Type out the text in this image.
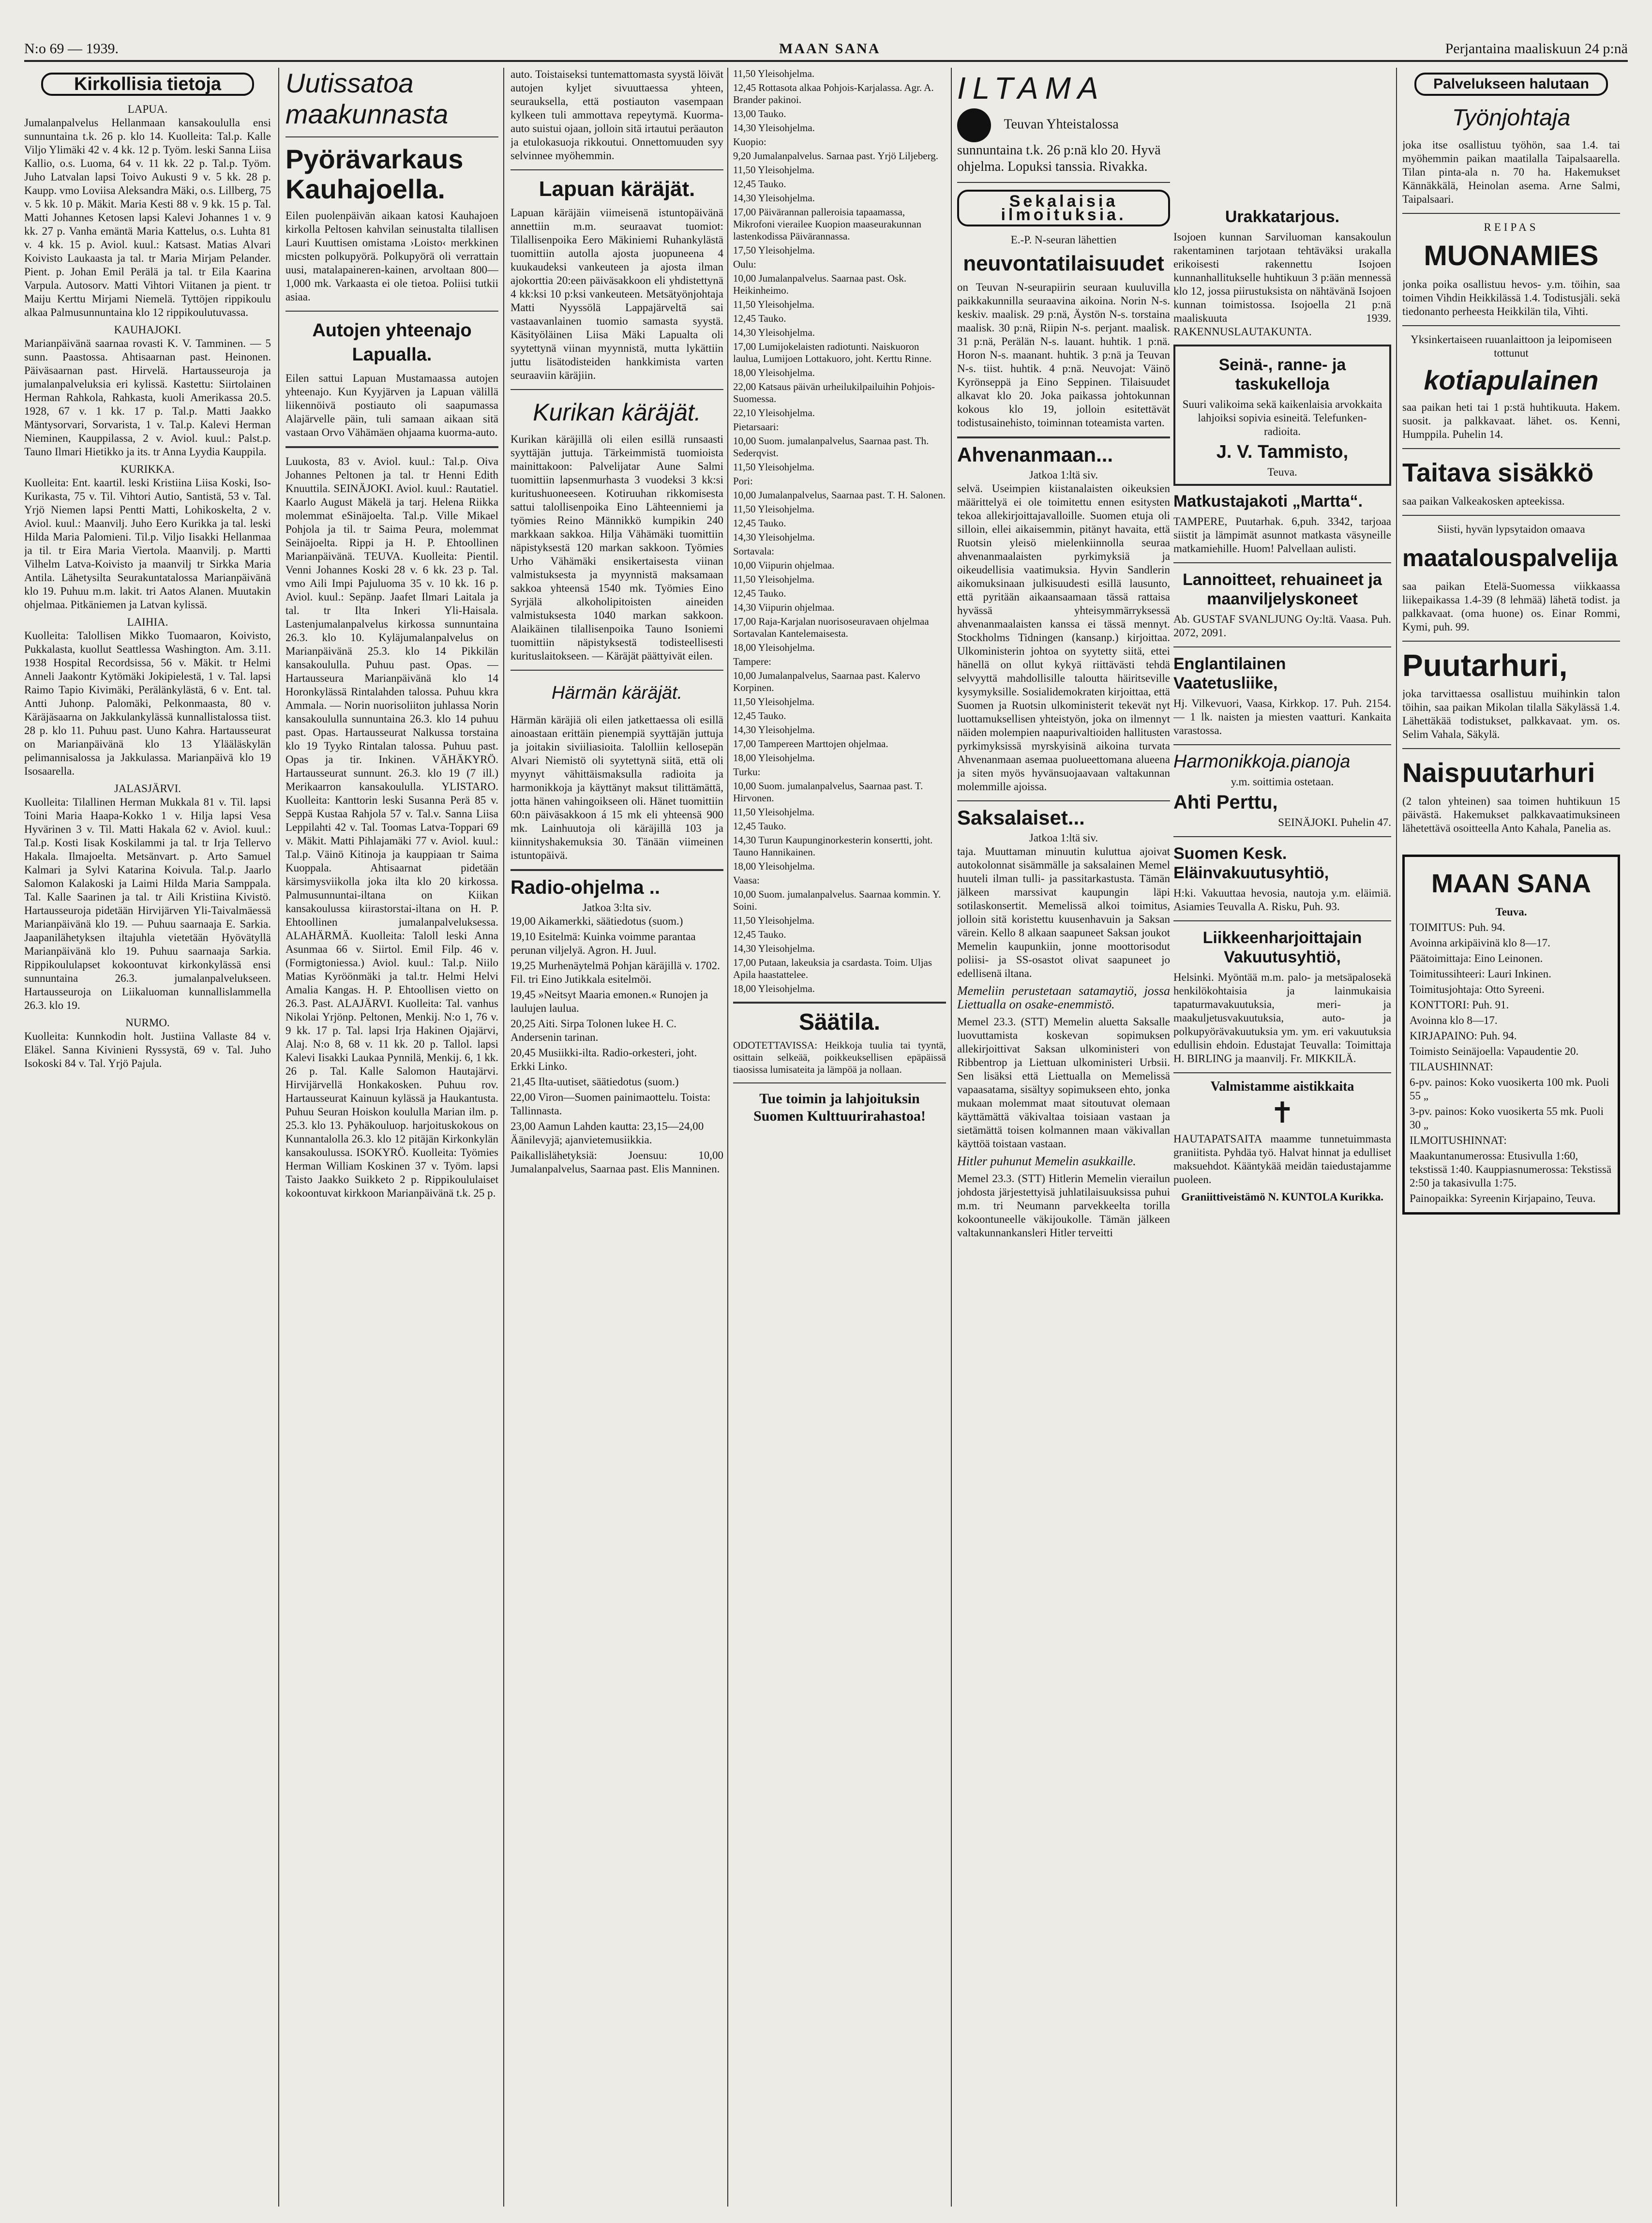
N:o 69 — 1939.	MAAN SANA	Perjantaina maaliskuun 24 p:nä
Kirkollisia tietoja
LAPUA.

Jumalanpalvelus Hellanmaan kansakoululla ensi sunnuntaina t.k. 26 p. klo 14. Kuolleita: Tal.p. Kalle Viljo Ylimäki 42 v. 4 kk. 12 p. Työm. leski Sanna Liisa Kallio, o.s. Luoma, 64 v. 11 kk. 22 p. Tal.p. Työm. Juho Latvalan lapsi Toivo Aukusti 9 v. 5 kk. 28 p. Kaupp. vmo Loviisa Aleksandra Mäki, o.s. Lillberg, 75 v. 5 kk. 10 p. Mäkit. Maria Kesti 88 v. 9 kk. 15 p. Tal. Matti Johannes Ketosen lapsi Kalevi Johannes 1 v. 9 kk. 27 p. Vanha emäntä Maria Kattelus, o.s. Luhta 81 v. 4 kk. 15 p. Aviol. kuul.: Katsast. Matias Alvari Koivisto Laukaasta ja tal. tr Maria Mirjam Pelander. Pient. p. Johan Emil Perälä ja tal. tr Eila Kaarina Varpula. Autosorv. Matti Vihtori Viitanen ja pient. tr Maiju Kerttu Mirjami Niemelä. Tyttöjen rippikoulu alkaa Palmusunnuntaina klo 12 rippikoulutuvassa.

KAUHAJOKI.

Marianpäivänä saarnaa rovasti K. V. Tamminen. — 5 sunn. Paastossa. Ahtisaarnan past. Heinonen. Päiväsaarnan past. Hirvelä. Hartausseuroja ja jumalanpalveluksia eri kylissä. Kastettu: Siirtolainen Herman Rahkola, Rahkasta, kuoli Amerikassa 20.5. 1928, 67 v. 1 kk. 17 p. Tal.p. Matti Jaakko Mäntysorvari, Sorvarista, 1 v. Tal.p. Kalevi Herman Nieminen, Kauppilassa, 2 v. Aviol. kuul.: Palst.p. Tauno Ilmari Hietikko ja its. tr Anna Lyydia Kauppila.

KURIKKA.

Kuolleita: Ent. kaartil. leski Kristiina Liisa Koski, Iso-Kurikasta, 75 v. Til. Vihtori Autio, Santistä, 53 v. Tal. Yrjö Niemen lapsi Pentti Matti, Lohikoskelta, 2 v. Aviol. kuul.: Maanvilj. Juho Eero Kurikka ja tal. leski Hilda Maria Palomieni. Til.p. Viljo Iisakki Hellanmaa ja til. tr Eira Maria Viertola. Maanvilj. p. Martti Vilhelm Latva-Koivisto ja maanvilj tr Sirkka Maria Antila. Lähetysilta Seurakuntatalossa Marianpäivänä klo 19. Puhuu m.m. lakit. tri Aatos Alanen. Muutakin ohjelmaa. Pitkäniemen ja Latvan kylissä.

LAIHIA.

Kuolleita: Talollisen Mikko Tuomaaron, Koivisto, Pukkalasta, kuollut Seattlessa Washington. Am. 3.11. 1938 Hospital Recordsissa, 56 v. Mäkit. tr Helmi Anneli Jaakontr Kytömäki Jokipielestä, 1 v. Tal. lapsi Raimo Tapio Kivimäki, Perälänkylästä, 6 v. Ent. tal. Antti Juhonp. Palomäki, Pelkonmaasta, 80 v. Käräjäsaarna on Jakkulankylässä kunnallistalossa tiist. 28 p. klo 11. Puhuu past. Uuno Kahra. Hartausseurat on Marianpäivänä klo 13 Ylääläskylän pelimannisalossa ja Jakkulassa. Marianpäivä klo 19 Isosaarella.

JALASJÄRVI.

Kuolleita: Tilallinen Herman Mukkala 81 v. Til. lapsi Toini Maria Haapa-Kokko 1 v. Hilja lapsi Vesa Hyvärinen 3 v. Til. Matti Hakala 62 v. Aviol. kuul.: Tal.p. Kosti Iisak Koskilammi ja tal. tr Irja Tellervo Hakala. Ilmajoelta. Metsänvart. p. Arto Samuel Kalmari ja Sylvi Katarina Koivula. Tal.p. Jaarlo Salomon Kalakoski ja Laimi Hilda Maria Samppala. Tal. Kalle Saarinen ja tal. tr Aili Kristiina Kivistö. Hartausseuroja pidetään Hirvijärven Yli-Taivalmäessä Marianpäivänä klo 19. — Puhuu saarnaaja E. Sarkia. Jaapanilähetyksen iltajuhla vietetään Hyövätyllä Marianpäivänä klo 19. Puhuu saarnaaja Sarkia. Rippikoululapset kokoontuvat kirkonkylässä ensi sunnuntaina 26.3. jumalanpalvelukseen. Hartausseuroja on Liikaluoman kunnallislammella 26.3. klo 19.

NURMO.

Kuolleita: Kunnkodin holt. Justiina Vallaste 84 v. Eläkel. Sanna Kivinieni Ryssystä, 69 v. Tal. Juho Isokoski 84 v. Tal. Yrjö Pajula.

Uutissatoa
maakunnasta
Pyörävarkaus Kauhajoella.

Eilen puolenpäivän aikaan katosi Kauhajoen kirkolla Peltosen kahvilan seinustalta tilallisen Lauri Kuuttisen omistama ›Loisto‹ merkkinen micsten polkupyörä. Polkupyörä oli verrattain uusi, matalapaineren-kainen, arvoltaan 800—1,000 mk. Varkaasta ei ole tietoa. Poliisi tutkii asiaa.

Autojen yhteenajo Lapualla.

Eilen sattui Lapuan Mustamaassa autojen yhteenajo. Kun Kyyjärven ja Lapuan välillä liikennöivä postiauto oli saapumassa Alajärvelle päin, tuli samaan aikaan sitä vastaan Orvo Vähämäen ohjaama kuorma-auto.

Luukosta, 83 v. Aviol. kuul.: Tal.p. Oiva Johannes Peltonen ja tal. tr Henni Edith Knuuttila. SEINÄJOKI. Aviol. kuul.: Rautatiel. Kaarlo August Mäkelä ja tarj. Helena Riikka molemmat eSinäjoelta. Tal.p. Ville Mikael Pohjola ja til. tr Saima Peura, molemmat Seinäjoelta. Rippi ja H. P. Ehtoollinen Marianpäivänä. TEUVA. Kuolleita: Pientil. Venni Johannes Koski 28 v. 6 kk. 23 p. Tal. vmo Aili Impi Pajuluoma 35 v. 10 kk. 16 p. Aviol. kuul.: Sepänp. Jaafet Ilmari Laitala ja tal. tr Ilta Inkeri Yli-Haisala. Lastenjumalanpalvelus kirkossa sunnuntaina 26.3. klo 10. Kyläjumalanpalvelus on Marianpäivänä 25.3. klo 14 Pikkilän kansakoululla. Puhuu past. Opas. — Hartausseura Marianpäivänä klo 14 Horonkylässä Rintalahden talossa. Puhuu kkra Ammala. — Norin nuorisoliiton juhlassa Norin kansakoululla sunnuntaina 26.3. klo 14 puhuu past. Opas. Hartausseurat Nalkussa torstaina klo 19 Tyyko Rintalan talossa. Puhuu past. Opas ja tir. Inkinen. VÄHÄKYRÖ. Hartausseurat sunnunt. 26.3. klo 19 (7 ill.) Merikaarron kansakoululla. YLISTARO. Kuolleita: Kanttorin leski Susanna Perä 85 v. Seppä Kustaa Rahjola 57 v. Tal.v. Sanna Liisa Leppilahti 42 v. Tal. Toomas Latva-Toppari 69 v. Mäkit. Matti Pihlajamäki 77 v. Aviol. kuul.: Tal.p. Väinö Kitinoja ja kauppiaan tr Saima Kuoppala. Ahtisaarnat pidetään kärsimysviikolla joka ilta klo 20 kirkossa. Palmusunnuntai-iltana on Kiikan kansakoulussa kiirastorstai-iltana on H. P. Ehtoollinen jumalanpalveluksessa. ALAHÄRMÄ. Kuolleita: Taloll leski Anna Asunmaa 66 v. Siirtol. Emil Filp. 46 v. (Formigtoniessa.) Aviol. kuul.: Tal.p. Niilo Matias Kyröönmäki ja tal.tr. Helmi Helvi Amalia Kangas. H. P. Ehtoollisen vietto on 26.3. Past. ALAJÄRVI. Kuolleita: Tal. vanhus Nikolai Yrjönp. Peltonen, Menkij. N:o 1, 76 v. 9 kk. 17 p. Tal. lapsi Irja Hakinen Ojajärvi, Alaj. N:o 8, 68 v. 11 kk. 20 p. Tallol. lapsi Kalevi Iisakki Laukaa Pynnilä, Menkij. 6, 1 kk. 26 p. Tal. Kalle Salomon Hautajärvi. Hirvijärvellä Honkakosken. Puhuu rov. Hartausseurat Kainuun kylässä ja Haukantusta. Puhuu Seuran Hoiskon koululla Marian ilm. p. 25.3. klo 13. Pyhäkouluop. harjoituskokous on Kunnantalolla 26.3. klo 12 pitäjän Kirkonkylän kansakoulussa. ISOKYRÖ. Kuolleita: Työmies Herman William Koskinen 37 v. Työm. lapsi Taisto Jaakko Suikketo 2 p. Rippikoululaiset kokoontuvat kirkkoon Marianpäivänä t.k. 25 p.

auto. Toistaiseksi tuntemattomasta syystä löivät autojen kyljet sivuuttaessa yhteen, seurauksella, että postiauton vasempaan kylkeen tuli ammottava repeytymä. Kuorma-auto suistui ojaan, jolloin sitä irtautui peräauton ja etulokasuoja rikkoutui. Onnettomuuden syy selvinnee myöhemmin.

Lapuan käräjät.

Lapuan käräjäin viimeisenä istuntopäivänä annettiin m.m. seuraavat tuomiot: Tilallisenpoika Eero Mäkiniemi Ruhankylästä tuomittiin autolla ajosta juopuneena 4 kuukaudeksi vankeuteen ja ajosta ilman ajokorttia 20:een päiväsakkoon eli yhdistettynä 4 kk:ksi 10 p:ksi vankeuteen. Metsätyönjohtaja Matti Nyyssölä Lappajärveltä sai vastaavanlainen tuomio samasta syystä. Käsityöläinen Liisa Mäki Lapualta oli syytettynä viinan myynnistä, mutta lykättiin juttu lisätodisteiden hankkimista varten seuraaviin käräjiin.

Kurikan käräjät.

Kurikan käräjillä oli eilen esillä runsaasti syyttäjän juttuja. Tärkeimmistä tuomioista mainittakoon: Palvelijatar Aune Salmi tuomittiin lapsenmurhasta 3 vuodeksi 3 kk:si kuritushuoneeseen. Kotiruuhan rikkomisesta sattui talollisenpoika Eino Lähteenniemi ja työmies Reino Männikkö kumpikin 240 markkaan sakkoa. Hilja Vähämäki tuomittiin näpistyksestä 120 markan sakkoon. Työmies Urho Vähämäki ensikertaisesta viinan valmistuksesta ja myynnistä maksamaan sakkoa yhteensä 1540 mk. Työmies Eino Syrjälä alkoholipitoisten aineiden valmistuksesta 1040 markan sakkoon. Alaikäinen tilallisenpoika Tauno Isoniemi tuomittiin näpistyksestä todisteellisesti kurituslaitokseen. — Käräjät päättyivät eilen.

Härmän käräjät.

Härmän käräjiä oli eilen jatkettaessa oli esillä ainoastaan erittäin pienempiä syyttäjän juttuja ja joitakin siviiliasioita. Talolliin kellosepän Alvari Niemistö oli syytettynä siitä, että oli myynyt vähittäismaksulla radioita ja harmonikkoja ja käyttänyt maksut tilittämättä, jotta hänen vahingoikseen oli. Hänet tuomittiin 60:n päiväsakkoon á 15 mk eli yhteensä 900 mk. Lainhuutoja oli käräjillä 103 ja kiinnityshakemuksia 30. Tänään viimeinen istuntopäivä.

Radio-ohjelma ..
Jatkoa 3:lta siv.
19,00 Aikamerkki, säätiedotus (suom.)
19,10 Esitelmä: Kuinka voimme parantaa perunan viljelyä. Agron. H. Juul.
19,25 Murhenäytelmä Pohjan käräjillä v. 1702. Fil. tri Eino Jutikkala esitelmöi.
19,45 »Neitsyt Maaria emonen.« Runojen ja laulujen laulua.
20,25 Aiti. Sirpa Tolonen lukee H. C. Andersenin tarinan.
20,45 Musiikki-ilta. Radio-orkesteri, joht. Erkki Linko.
21,45 Ilta-uutiset, säätiedotus (suom.)
22,00 Viron—Suomen painimaottelu. Toista: Tallinnasta.
23,00 Aamun Lahden kautta: 23,15—24,00 Äänilevyjä; ajanvietemusiikkia.

Paikallislähetyksiä: Joensuu: 10,00 Jumalanpalvelus, Saarnaa past. Elis Manninen.

11,50 Yleisohjelma.
12,45 Rottasota alkaa Pohjois-Karjalassa. Agr. A. Brander pakinoi.
13,00 Tauko.
14,30 Yleisohjelma.
Kuopio:
9,20 Jumalanpalvelus. Sarnaa past. Yrjö Liljeberg.
11,50 Yleisohjelma.
12,45 Tauko.
14,30 Yleisohjelma.
17,00 Päivärannan palleroisia tapaamassa, Mikrofoni vierailee Kuopion maaseurakunnan lastenkodissa Päivärannassa.
17,50 Yleisohjelma.
Oulu:
10,00 Jumalanpalvelus. Saarnaa past. Osk. Heikinheimo.
11,50 Yleisohjelma.
12,45 Tauko.
14,30 Yleisohjelma.
17,00 Lumijokelaisten radiotunti. Naiskuoron laulua, Lumijoen Lottakuoro, joht. Kerttu Rinne.
18,00 Yleisohjelma.
22,00 Katsaus päivän urheilukilpailuihin Pohjois-Suomessa.
22,10 Yleisohjelma.
Pietarsaari:
10,00 Suom. jumalanpalvelus, Saarnaa past. Th. Sederqvist.
11,50 Yleisohjelma.
Pori:
10,00 Jumalanpalvelus, Saarnaa past. T. H. Salonen.
11,50 Yleisohjelma.
12,45 Tauko.
14,30 Yleisohjelma.
Sortavala:
10,00 Viipurin ohjelmaa.
11,50 Yleisohjelma.
12,45 Tauko.
14,30 Viipurin ohjelmaa.
17,00 Raja-Karjalan nuorisoseuravaen ohjelmaa Sortavalan Kantelemaisesta.
18,00 Yleisohjelma.
Tampere:
10,00 Jumalanpalvelus, Saarnaa past. Kalervo Korpinen.
11,50 Yleisohjelma.
12,45 Tauko.
14,30 Yleisohjelma.
17,00 Tampereen Marttojen ohjelmaa.
18,00 Yleisohjelma.
Turku:
10,00 Suom. jumalanpalvelus, Saarnaa past. T. Hirvonen.
11,50 Yleisohjelma.
12,45 Tauko.
14,30 Turun Kaupunginorkesterin konsertti, joht. Tauno Hannikainen.
18,00 Yleisohjelma.
Vaasa:
10,00 Suom. jumalanpalvelus. Saarnaa kommin. Y. Soini.
11,50 Yleisohjelma.
12,45 Tauko.
14,30 Yleisohjelma.
17,00 Putaan, lakeuksia ja csardasta. Toim. Uljas Apila haastattelee.
18,00 Yleisohjelma.
Säätila.

ODOTETTAVISSA: Heikkoja tuulia tai tyyntä, osittain selkeää, poikkeuksellisen epäpäissä tiaosissa lumisateita ja lämpöä ja nollaan.

Tue toimin ja lahjoituksin Suomen Kulttuurirahastoa!
ILTAMA
Teuvan Yhteistalossa sunnuntaina t.k. 26 p:nä klo 20. Hyvä ohjelma. Lopuksi tanssia. Rivakka.
Sekalaisia ilmoituksia.
E.-P. N-seuran lähettien
neuvontatilaisuudet

on Teuvan N-seurapiirin seuraan kuuluvilla paikkakunnilla seuraavina aikoina. Norin N-s. keskiv. maalisk. 29 p:nä, Äystön N-s. torstaina maalisk. 30 p:nä, Riipin N-s. perjant. maalisk. 31 p:nä, Perälän N-s. lauant. huhtik. 1 p:nä. Horon N-s. maanant. huhtik. 3 p:nä ja Teuvan N-s. tiist. huhtik. 4 p:nä. Neuvojat: Väinö Kyrönseppä ja Eino Seppinen. Tilaisuudet alkavat klo 20. Joka paikassa johtokunnan kokous klo 19, jolloin esitettävät todistusainehisto, toiminnan toteamista varten.

Ahvenanmaan...
Jatkoa 1:ltä siv.

selvä. Useimpien kiistanalaisten oikeuksien määrittelyä ei ole toimitettu ennen esitysten tekoa allekirjoittajavalloille. Suomen etuja oli silloin, ellei aikaisemmin, pitänyt havaita, että Ruotsin yleisö mielenkiinnolla seuraa ahvenanmaalaisten pyrkimyksiä ja oikeudellisia vaatimuksia. Hyvin Sandlerin aikomuksinaan julkisuudesti esillä lausunto, että pyritään aikaansaamaan tässä rattaisa hyvässä yhteisymmärryksessä ahvenanmaalaisten kanssa ei tässä mennyt. Stockholms Tidningen (kansanp.) kirjoittaa. Ulkoministerin johtoa on syytetty siitä, ettei hänellä on ollut kykyä riittävästi tehdä selvyyttä mahdollisille taloutta häiritseville kysymyksille. Sosialidemokraten kirjoittaa, että Suomen ja Ruotsin ulkoministerit tekevät nyt luottamuksellisen yhteistyön, joka on ilmennyt näiden molempien naapurivaltioiden hallitusten pyrkimyksissä myrskyisinä aikoina turvata Ahvenanmaan asemaa puolueettomana alueena ja siten myös hyvänsuojaavaan valtakunnan molemmille ajoissa.

Saksalaiset...
Jatkoa 1:ltä siv.

taja. Muuttaman minuutin kuluttua ajoivat autokolonnat sisämmälle ja saksalainen Memel huuteli ilman tulli- ja passitarkastusta. Tämän jälkeen marssivat kaupungin läpi sotilaskonsertit. Memelissä alkoi toimitus, jolloin sitä koristettu kuusenhavuin ja Saksan värein. Kello 8 alkaan saapuneet Saksan joukot Memelin kaupunkiin, jonne moottorisodut poliisi- ja SS-osastot olivat saapuneet jo edellisenä iltana.

Memeliin perustetaan satamaytiö, jossa Liettualla on osake-enemmistö.

Memel 23.3. (STT) Memelin aluetta Saksalle luovuttamista koskevan sopimuksen allekirjoittivat Saksan ulkoministeri von Ribbentrop ja Liettuan ulkoministeri Urbsii. Sen lisäksi että Liettualla on Memelissä vapaasatama, sisältyy sopimukseen ehto, jonka mukaan molemmat maat sitoutuvat olemaan käyttämättä väkivaltaa toisiaan vastaan ja sietämättä toisen kolmannen maan väkivallan käyttöä toistaan vastaan.

Hitler puhunut Memelin asukkaille.

Memel 23.3. (STT) Hitlerin Memelin vierailun johdosta järjestettyisä juhlatilaisuuksissa puhui m.m. tri Neumann parvekkeelta torilla kokoontuneelle väkijoukolle. Tämän jälkeen valtakunnankansleri Hitler terveitti

Urakkatarjous.

Isojoen kunnan Sarviluoman kansakoulun rakentaminen tarjotaan tehtäväksi urakalla erikoisesti rakennettu Isojoen kunnanhallitukselle huhtikuun 3 p:ään mennessä klo 12, jossa piirustuksista on nähtävänä Isojoen kunnan toimistossa. Isojoella 21 p:nä maaliskuuta 1939. RAKENNUSLAUTAKUNTA.

Seinä-, ranne- ja taskukelloja
Suuri valikoima sekä kaikenlaisia arvokkaita lahjoiksi sopivia esineitä. Telefunken-radioita.
J. V. Tammisto,
Teuva.
Matkustajakoti „Martta“.

TAMPERE, Puutarhak. 6,puh. 3342, tarjoaa siistit ja lämpimät asunnot matkasta väsyneille matkamiehille. Huom! Palvellaan aulisti.

Lannoitteet, rehuaineet ja maanviljelyskoneet

Ab. GUSTAF SVANLJUNG Oy:ltä. Vaasa. Puh. 2072, 2091.

Englantilainen Vaatetusliike,

Hj. Vilkevuori, Vaasa, Kirkkop. 17. Puh. 2154. — 1 lk. naisten ja miesten vaatturi. Kankaita varastossa.

Harmonikkoja.pianoja
y.m. soittimia ostetaan.
Ahti Perttu,
SEINÄJOKI. Puhelin 47.
Suomen Kesk. Eläinvakuutusyhtiö,

H:ki. Vakuuttaa hevosia, nautoja y.m. eläimiä. Asiamies Teuvalla A. Risku, Puh. 93.

Liikkeenharjoittajain Vakuutusyhtiö,

Helsinki. Myöntää m.m. palo- ja metsäpalosekä henkilökohtaisia ja lainmukaisia tapaturmavakuutuksia, meri- ja maakuljetusvakuutuksia, auto- ja polkupyörävakuutuksia ym. ym. eri vakuutuksia edullisin ehdoin. Edustajat Teuvalla: Toimittaja H. BIRLING ja maanvilj. Fr. MIKKILÄ.

Valmistamme aistikkaita
✝

HAUTAPATSAITA maamme tunnetuimmasta graniitista. Pyhdäa työ. Halvat hinnat ja edulliset maksuehdot. Kääntykää meidän taiedustajamme puoleen.

Graniittiveistämö N. KUNTOLA Kurikka.
Palvelukseen halutaan
Työnjohtaja

joka itse osallistuu työhön, saa 1.4. tai myöhemmin paikan maatilalla Taipalsaarella. Tilan pinta-ala n. 70 ha. Hakemukset Kännäkkälä, Heinolan asema. Arne Salmi, Taipalsaari.

REIPAS
MUONAMIES

jonka poika osallistuu hevos- y.m. töihin, saa toimen Vihdin Heikkilässä 1.4. Todistusjäli. sekä tiedonanto perheesta Heikkilän tila, Vihti.

Yksinkertaiseen ruuanlaittoon ja leipomiseen tottunut
kotiapulainen

saa paikan heti tai 1 p:stä huhtikuuta. Hakem. suosit. ja palkkavaat. lähet. os. Kenni, Humppila. Puhelin 14.

Taitava sisäkkö

saa paikan Valkeakosken apteekissa.

Siisti, hyvän lypsytaidon omaava
maatalouspalvelija

saa paikan Etelä-Suomessa viikkaassa liikepaikassa 1.4-39 (8 lehmää) lähetä todist. ja palkkavaat. (oma huone) os. Einar Rommi, Kymi, puh. 99.

Puutarhuri,

joka tarvittaessa osallistuu muihinkin talon töihin, saa paikan Mikolan tilalla Säkylässä 1.4. Lähettäkää todistukset, palkkavaat. ym. os. Selim Vahala, Säkylä.

Naispuutarhuri

(2 talon yhteinen) saa toimen huhtikuun 15 päivästä. Hakemukset palkkavaatimuksineen lähetettävä osoitteella Anto Kahala, Panelia as.

MAAN SANA
Teuva.
TOIMITUS: Puh. 94.
Avoinna arkipäivinä klo 8—17.
Päätoimittaja: Eino Leinonen.
Toimitussihteeri: Lauri Inkinen.
Toimitusjohtaja: Otto Syreeni.
KONTTORI: Puh. 91.
Avoinna klo 8—17.
KIRJAPAINO: Puh. 94.
Toimisto Seinäjoella: Vapaudentie 20.
TILAUSHINNAT:
6-pv. painos: Koko vuosikerta 100 mk. Puoli 55 „
3-pv. painos: Koko vuosikerta 55 mk. Puoli 30 „
ILMOITUSHINNAT:
Maakuntanumerossa: Etusivulla 1:60, tekstissä 1:40. Kauppiasnumerossa: Tekstissä 2:50 ja takasivulla 1:75.
Painopaikka: Syreenin Kirjapaino, Teuva.
